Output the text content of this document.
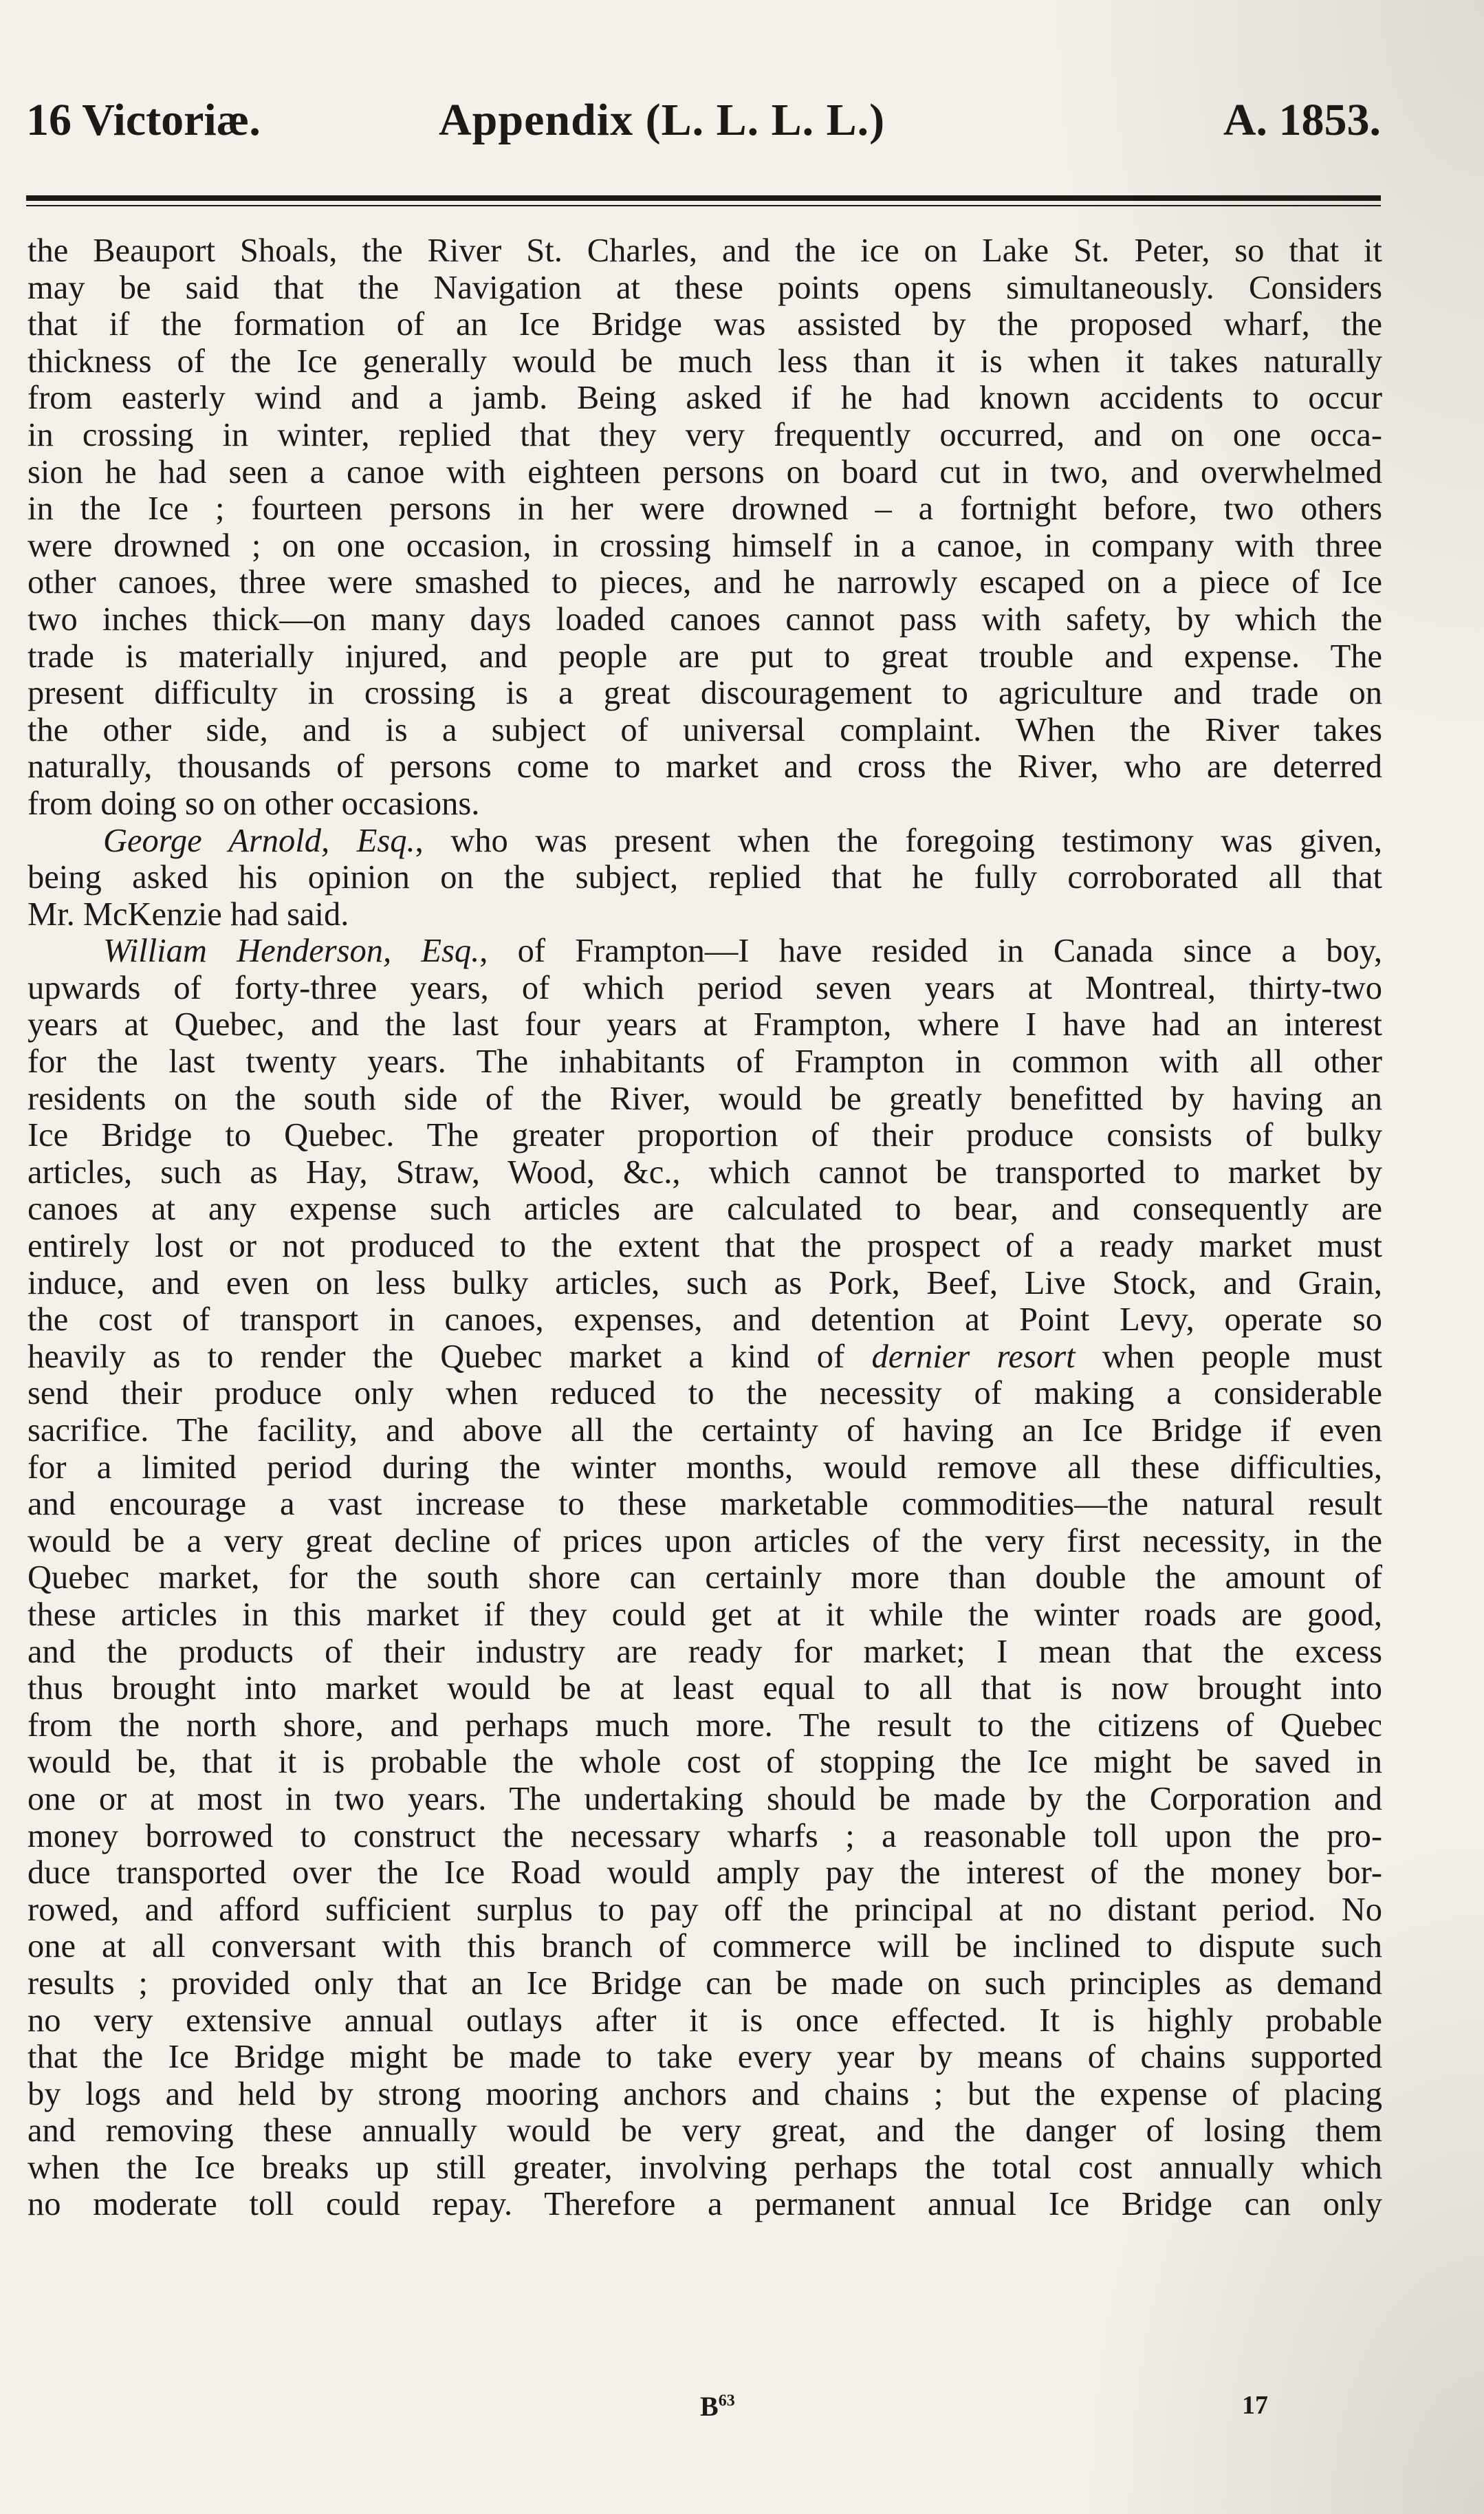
16 Victoriæ.	Appendix (L. L. L. L.)	A. 1853.
the Beauport Shoals, the River St. Charles, and the ice on Lake St. Peter, so that it
may be said that the Navigation at these points opens simultaneously. Considers
that if the formation of an Ice Bridge was assisted by the proposed wharf, the
thickness of the Ice generally would be much less than it is when it takes naturally
from easterly wind and a jamb. Being asked if he had known accidents to occur
in crossing in winter, replied that they very frequently occurred, and on one occa-
sion he had seen a canoe with eighteen persons on board cut in two, and overwhelmed
in the Ice ; fourteen persons in her were drowned – a fortnight before, two others
were drowned ; on one occasion, in crossing himself in a canoe, in company with three
other canoes, three were smashed to pieces, and he narrowly escaped on a piece of Ice
two inches thick—on many days loaded canoes cannot pass with safety, by which the
trade is materially injured, and people are put to great trouble and expense. The
present difficulty in crossing is a great discouragement to agriculture and trade on
the other side, and is a subject of universal complaint. When the River takes
naturally, thousands of persons come to market and cross the River, who are deterred
from doing so on other occasions.
George Arnold, Esq., who was present when the foregoing testimony was given,
being asked his opinion on the subject, replied that he fully corroborated all that
Mr. McKenzie had said.
William Henderson, Esq., of Frampton—I have resided in Canada since a boy,
upwards of forty-three years, of which period seven years at Montreal, thirty-two
years at Quebec, and the last four years at Frampton, where I have had an interest
for the last twenty years. The inhabitants of Frampton in common with all other
residents on the south side of the River, would be greatly benefitted by having an
Ice Bridge to Quebec. The greater proportion of their produce consists of bulky
articles, such as Hay, Straw, Wood, &c., which cannot be transported to market by
canoes at any expense such articles are calculated to bear, and consequently are
entirely lost or not produced to the extent that the prospect of a ready market must
induce, and even on less bulky articles, such as Pork, Beef, Live Stock, and Grain,
the cost of transport in canoes, expenses, and detention at Point Levy, operate so
heavily as to render the Quebec market a kind of dernier resort when people must
send their produce only when reduced to the necessity of making a considerable
sacrifice. The facility, and above all the certainty of having an Ice Bridge if even
for a limited period during the winter months, would remove all these difficulties,
and encourage a vast increase to these marketable commodities—the natural result
would be a very great decline of prices upon articles of the very first necessity, in the
Quebec market, for the south shore can certainly more than double the amount of
these articles in this market if they could get at it while the winter roads are good,
and the products of their industry are ready for market; I mean that the excess
thus brought into market would be at least equal to all that is now brought into
from the north shore, and perhaps much more. The result to the citizens of Quebec
would be, that it is probable the whole cost of stopping the Ice might be saved in
one or at most in two years. The undertaking should be made by the Corporation and
money borrowed to construct the necessary wharfs ; a reasonable toll upon the pro-
duce transported over the Ice Road would amply pay the interest of the money bor-
rowed, and afford sufficient surplus to pay off the principal at no distant period. No
one at all conversant with this branch of commerce will be inclined to dispute such
results ; provided only that an Ice Bridge can be made on such principles as demand
no very extensive annual outlays after it is once effected. It is highly probable
that the Ice Bridge might be made to take every year by means of chains supported
by logs and held by strong mooring anchors and chains ; but the expense of placing
and removing these annually would be very great, and the danger of losing them
when the Ice breaks up still greater, involving perhaps the total cost annually which
no moderate toll could repay. Therefore a permanent annual Ice Bridge can only
$B^{63}$	17
